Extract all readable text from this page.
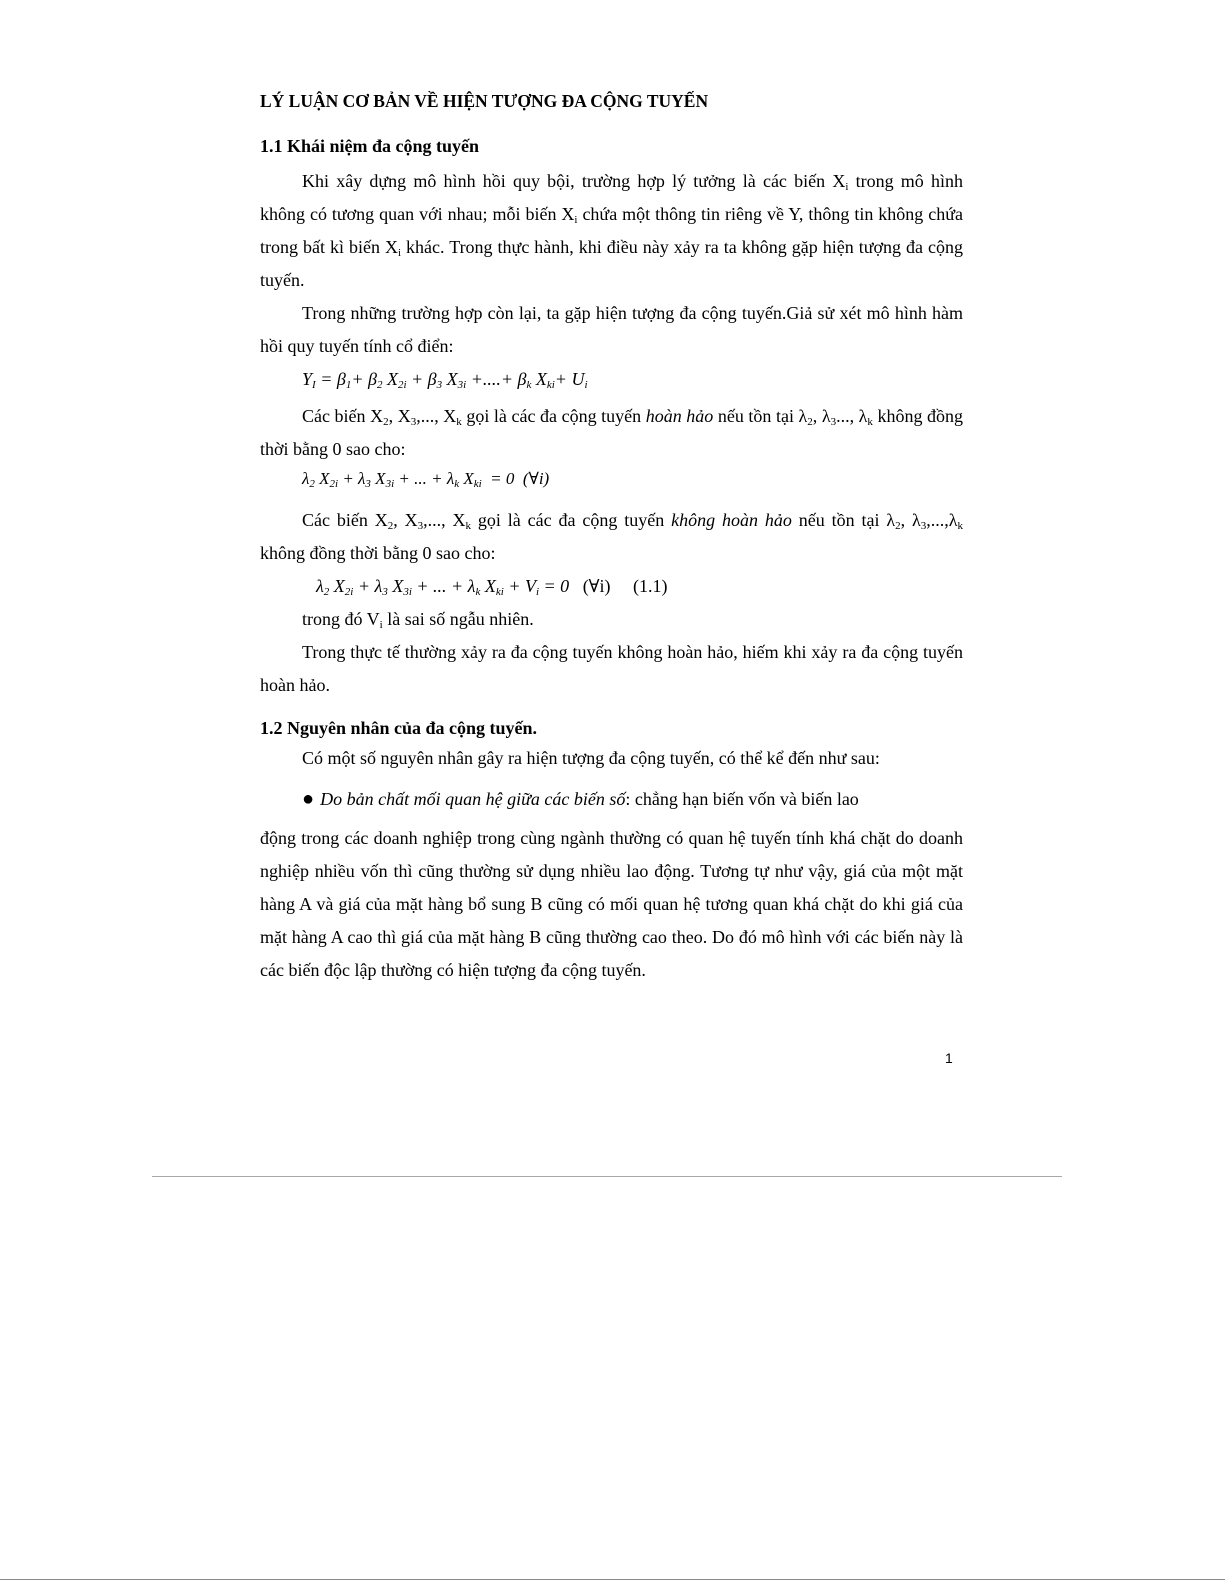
LÝ LUẬN CƠ BẢN VỀ HIỆN TƯỢNG ĐA CỘNG TUYẾN
1.1 Khái niệm đa cộng tuyến

Khi xây dựng mô hình hồi quy bội, trường hợp lý tưởng là các biến $X_i$ trong mô hình không có tương quan với nhau; mỗi biến $X_i$ chứa một thông tin riêng về Y, thông tin không chứa trong bất kì biến $X_i$ khác. Trong thực hành, khi điều này xảy ra ta không gặp hiện tượng đa cộng tuyến.

Trong những trường hợp còn lại, ta gặp hiện tượng đa cộng tuyến.Giả sử xét mô hình hàm hồi quy tuyến tính cổ điển:

$Y_I = \beta_1+ \beta_2$ $X_{2i} + \beta_3$ $X_{3i}$ +....+ $\beta_k$ $X_{ki}+ U_i$

Các biến $X_2$, $X_3$,..., $X_k$ gọi là các đa cộng tuyến hoàn hảo nếu tồn tại $\lambda_2$, $\lambda_3$..., $\lambda_k$ không đồng thời bằng 0 sao cho:

$\lambda_2$ $X_{2i} + \lambda_3$ $X_{3i}$ + ... + $\lambda_k$ $X_{ki} = 0$  (∀i)

Các biến $X_2$, $X_3$,..., $X_k$ gọi là các đa cộng tuyến không hoàn hảo nếu tồn tại $\lambda_2$, $\lambda_3,...,\lambda_k$ không đồng thời bằng 0 sao cho:

$\lambda_2$ $X_{2i} + \lambda_3$ $X_{3i}$ + ... + $\lambda_k$ $X_{ki} + V_i = 0$   (∀i)     (1.1)

trong đó $V_i$ là sai số ngẫu nhiên.

Trong thực tế thường xảy ra đa cộng tuyến không hoàn hảo, hiếm khi xảy ra đa cộng tuyến hoàn hảo.

1.2 Nguyên nhân của đa cộng tuyến.

Có một số nguyên nhân gây ra hiện tượng đa cộng tuyến, có thể kể đến như sau:

● Do bản chất mối quan hệ giữa các biến số: chẳng hạn biến vốn và biến lao

động trong các doanh nghiệp trong cùng ngành thường có quan hệ tuyến tính khá chặt do doanh nghiệp nhiều vốn thì cũng thường sử dụng nhiều lao động. Tương tự như vậy, giá của một mặt hàng A và giá của mặt hàng bổ sung B cũng có mối quan hệ tương quan khá chặt do khi giá của mặt hàng A cao thì giá của mặt hàng B cũng thường cao theo. Do đó mô hình với các biến này là các biến độc lập thường có hiện tượng đa cộng tuyến.

1
